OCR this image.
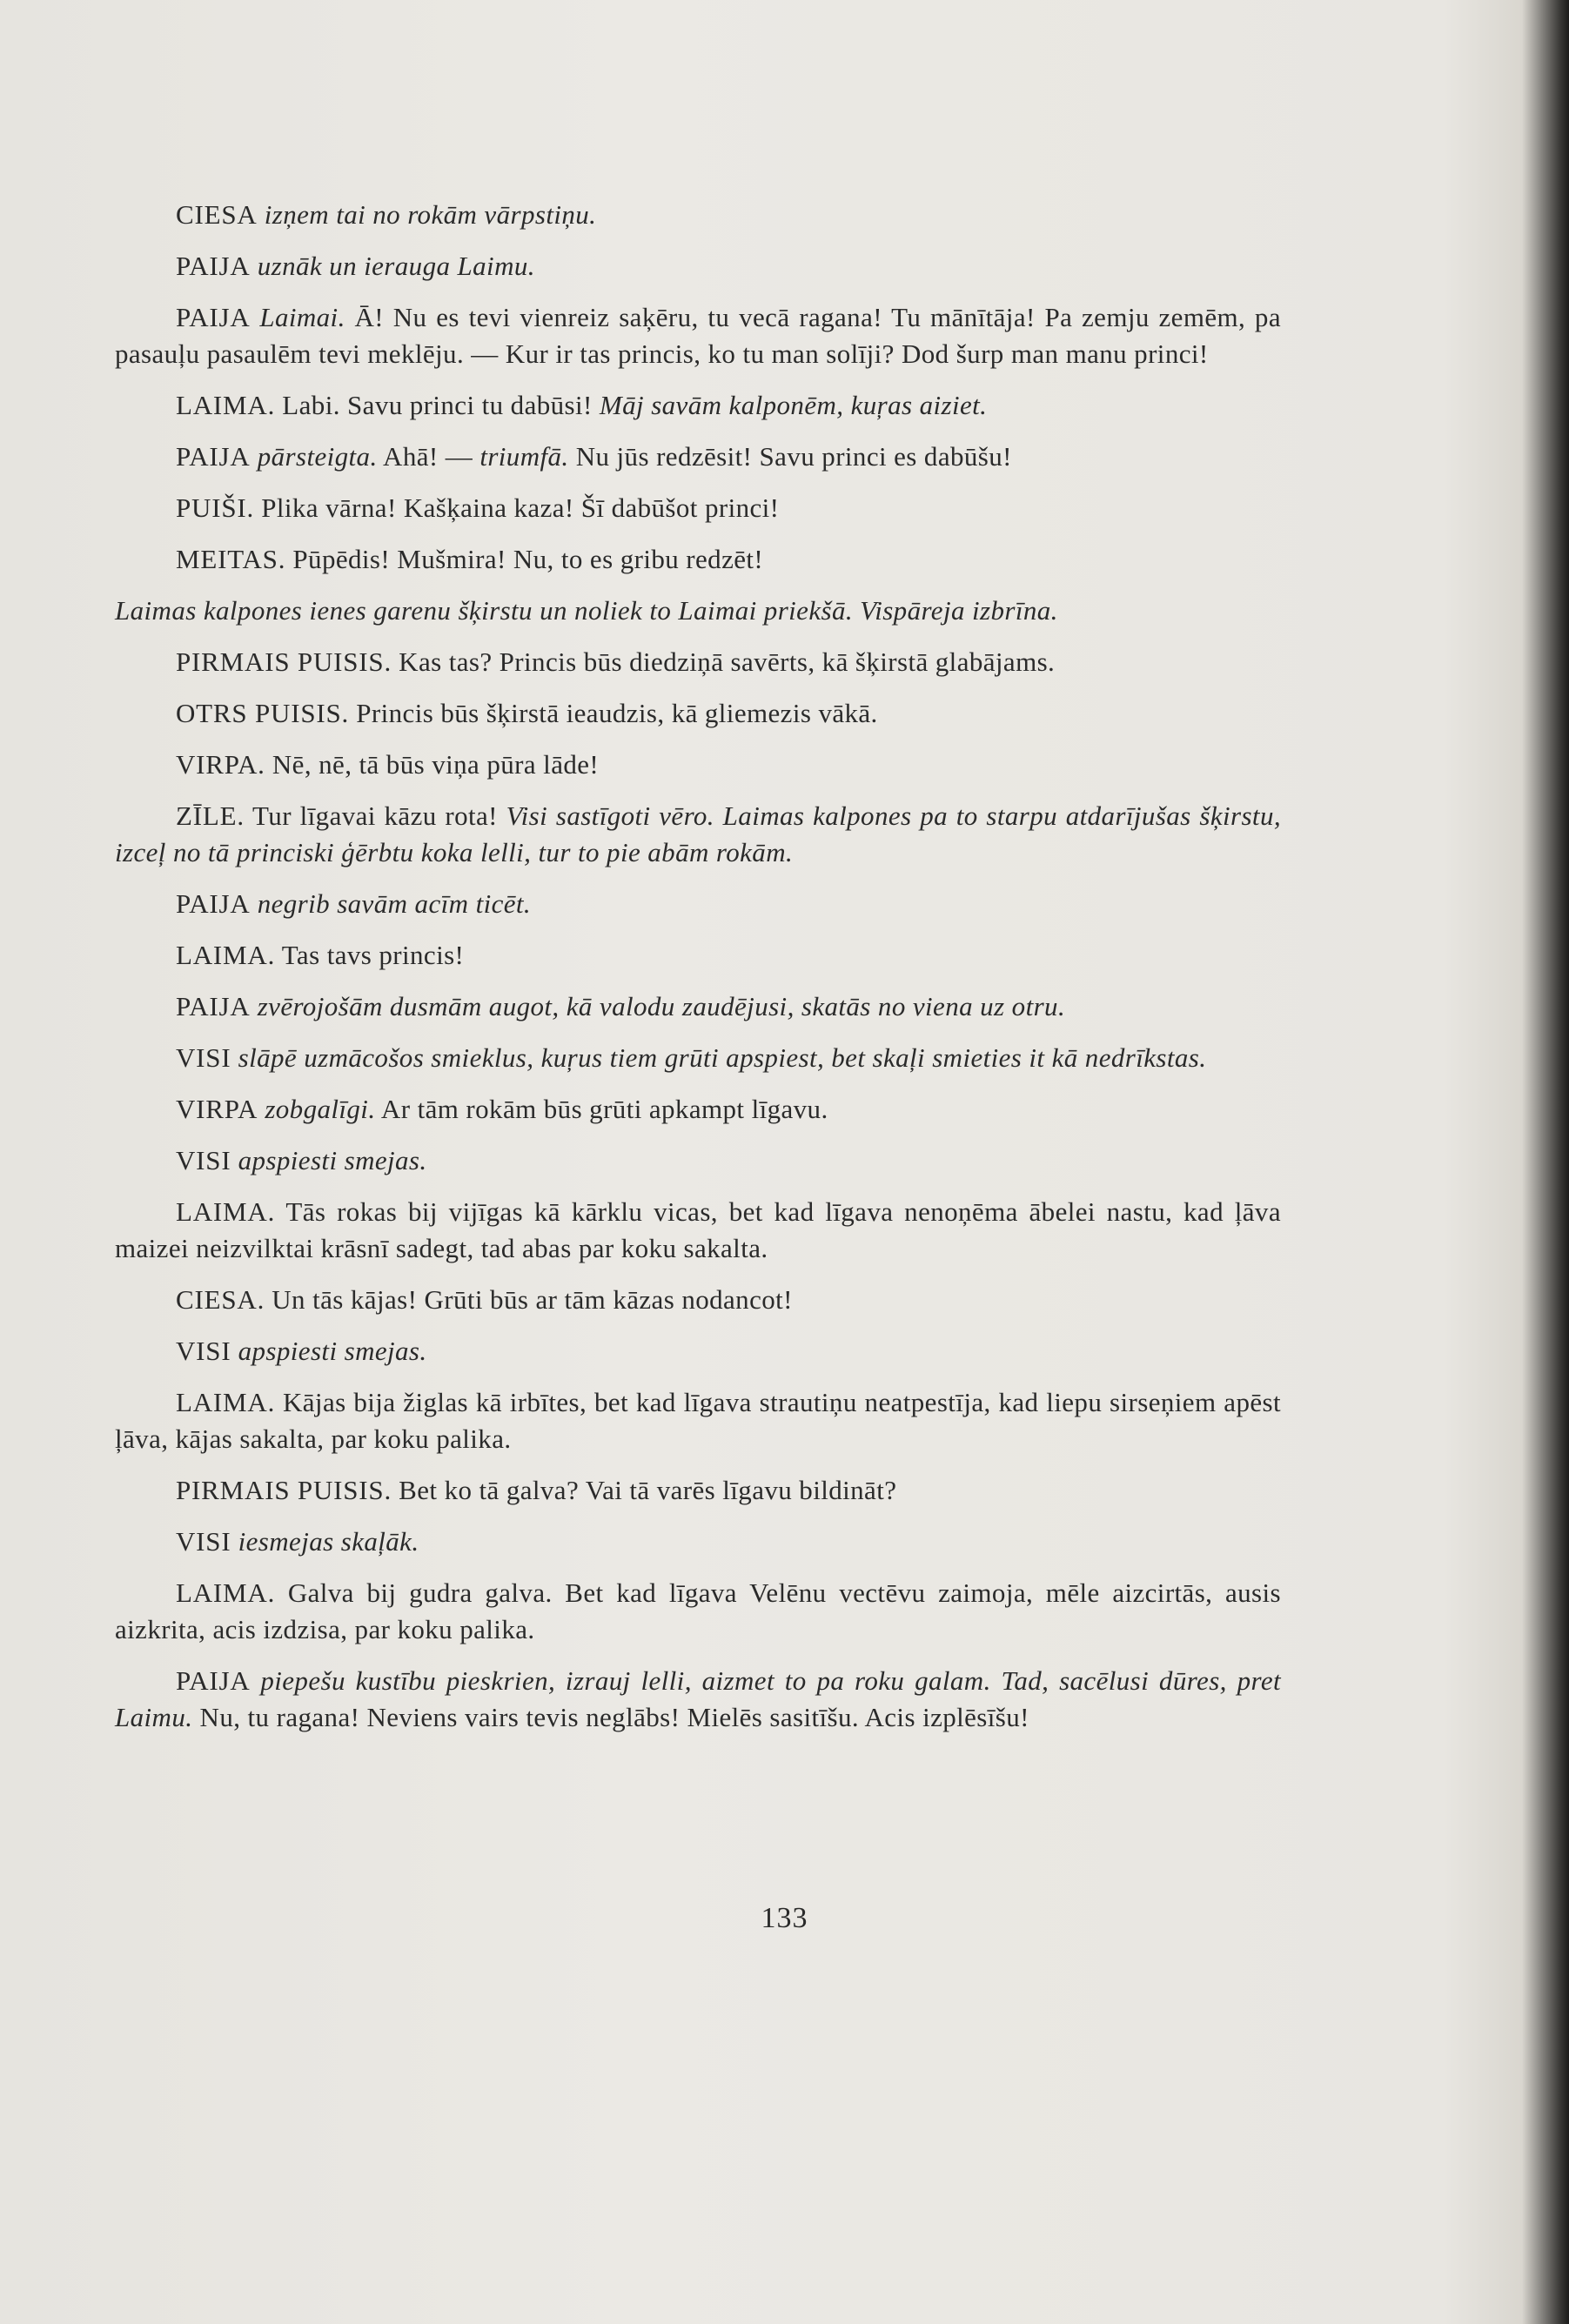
CIESA izņem tai no rokām vārpstiņu.

PAIJA uznāk un ierauga Laimu.

PAIJA Laimai. Ā! Nu es tevi vienreiz saķēru, tu vecā ragana! Tu mānītāja! Pa zemju zemēm, pa pasauļu pasaulēm tevi meklēju. — Kur ir tas princis, ko tu man solīji? Dod šurp man manu princi!

LAIMA. Labi. Savu princi tu dabūsi! Māj savām kalponēm, kuŗas aiziet.

PAIJA pārsteigta. Ahā! — triumfā. Nu jūs redzēsit! Savu princi es dabūšu!

PUIŠI. Plika vārna! Kašķaina kaza! Šī dabūšot princi!

MEITAS. Pūpēdis! Mušmira! Nu, to es gribu redzēt!

Laimas kalpones ienes garenu šķirstu un noliek to Laimai priekšā. Vispāreja izbrīna.

PIRMAIS PUISIS. Kas tas? Princis būs diedziņā savērts, kā šķirstā glabājams.

OTRS PUISIS. Princis būs šķirstā ieaudzis, kā gliemezis vākā.

VIRPA. Nē, nē, tā būs viņa pūra lāde!

ZĪLE. Tur līgavai kāzu rota! Visi sastīgoti vēro. Laimas kalpones pa to starpu atdarījušas šķirstu, izceļ no tā princiski ģērbtu koka lelli, tur to pie abām rokām.

PAIJA negrib savām acīm ticēt.

LAIMA. Tas tavs princis!

PAIJA zvērojošām dusmām augot, kā valodu zaudējusi, skatās no viena uz otru.

VISI slāpē uzmācošos smieklus, kuŗus tiem grūti apspiest, bet skaļi smieties it kā nedrīkstas.

VIRPA zobgalīgi. Ar tām rokām būs grūti apkampt līgavu.

VISI apspiesti smejas.

LAIMA. Tās rokas bij vijīgas kā kārklu vicas, bet kad līgava nenoņēma ābelei nastu, kad ļāva maizei neizvilktai krāsnī sadegt, tad abas par koku sakalta.

CIESA. Un tās kājas! Grūti būs ar tām kāzas nodancot!

VISI apspiesti smejas.

LAIMA. Kājas bija žiglas kā irbītes, bet kad līgava strautiņu neatpestīja, kad liepu sirseņiem apēst ļāva, kājas sakalta, par koku palika.

PIRMAIS PUISIS. Bet ko tā galva? Vai tā varēs līgavu bildināt?

VISI iesmejas skaļāk.

LAIMA. Galva bij gudra galva. Bet kad līgava Velēnu vectēvu zaimoja, mēle aizcirtās, ausis aizkrita, acis izdzisa, par koku palika.

PAIJA piepešu kustību pieskrien, izrauj lelli, aizmet to pa roku galam. Tad, sacēlusi dūres, pret Laimu. Nu, tu ragana! Neviens vairs tevis neglābs! Mielēs sasitīšu. Acis izplēsīšu!

133
